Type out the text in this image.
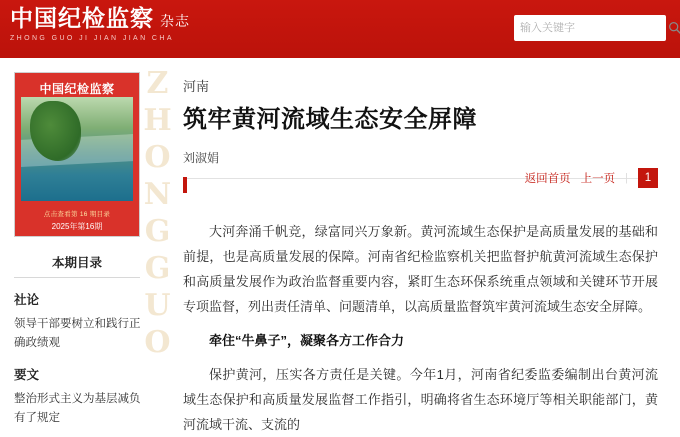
中国纪检监察 杂志
ZHONG GUO JI JIAN JIAN CHA
输入关键字
中国纪检监察
点击查看第 16 期目录
2025年第16期
本期目录
社论
领导干部要树立和践行正确政绩观
要文
整治形式主义为基层减负有了规定
ZHONGGUO 河南
筑牢黄河流域生态安全屏障
刘淑娟
返回首页 上一页 |	1

大河奔涌千帆竞，绿富同兴万象新。黄河流域生态保护是高质量发展的基础和前提，也是高质量发展的保障。河南省纪检监察机关把监督护航黄河流域生态保护和高质量发展作为政治监督重要内容，紧盯生态环保系统重点领域和关键环节开展专项监督，列出责任清单、问题清单，以高质量监督筑牢黄河流域生态安全屏障。

牵住“牛鼻子”，凝聚各方工作合力

保护黄河，压实各方责任是关键。今年1月，河南省纪委监委编制出台黄河流域生态保护和高质量发展监督工作指引，明确将省生态环境厅等相关职能部门，黄河流域干流、支流的
